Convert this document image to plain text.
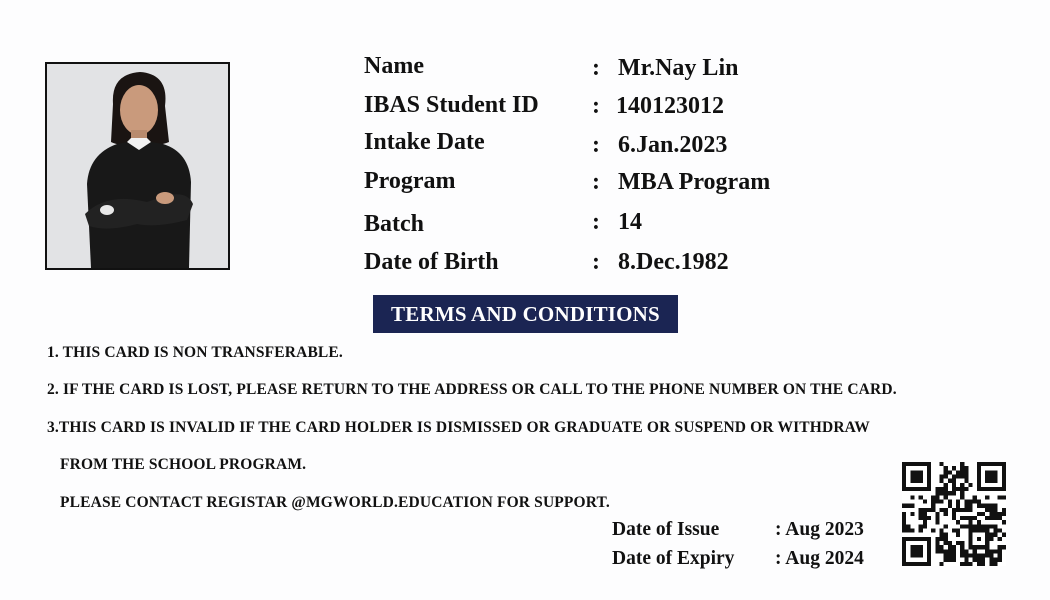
Name	: Mr.Nay Lin
IBAS Student ID : 140123012
Intake Date	: 6.Jan.2023
Program	: MBA Program
Batch	: 14
Date of Birth	: 8.Dec.1982
TERMS AND CONDITIONS
1. THIS CARD IS NON TRANSFERABLE.
2. IF THE CARD IS LOST, PLEASE RETURN TO THE ADDRESS OR CALL TO THE PHONE NUMBER ON THE CARD.
3.THIS CARD IS INVALID IF THE CARD HOLDER IS DISMISSED OR GRADUATE OR SUSPEND OR WITHDRAW
FROM THE SCHOOL PROGRAM.
PLEASE CONTACT REGISTAR @MGWORLD.EDUCATION FOR SUPPORT.
Date of Issue	: Aug 2023
Date of Expiry : Aug 2024
